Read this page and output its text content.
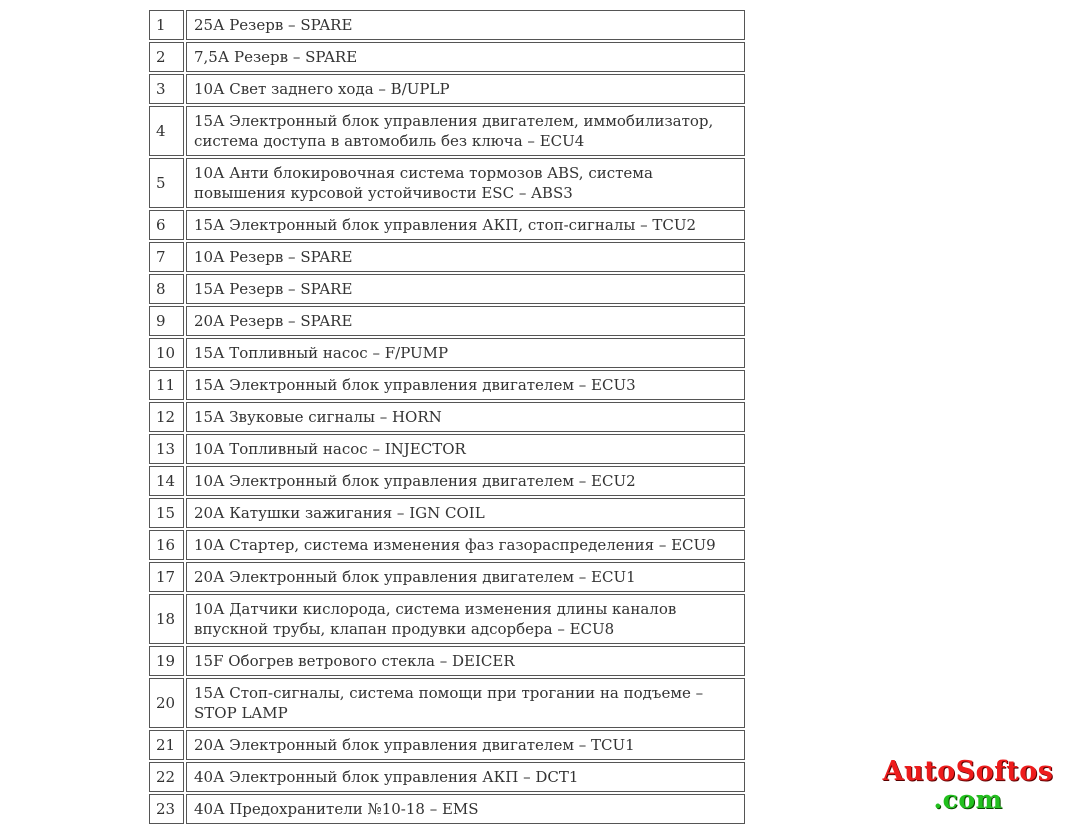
1	25А Резерв – SPARE
2	7,5А Резерв – SPARE
3	10А Свет заднего хода – B/UPLP
4	15А Электронный блок управления двигателем, иммобилизатор, система доступа в автомобиль без ключа – ECU4
5	10А Анти блокировочная система тормозов ABS, система повышения курсовой устойчивости ESC – ABS3
6	15А Электронный блок управления АКП, стоп-сигналы – TCU2
7	10А Резерв – SPARE
8	15А Резерв – SPARE
9	20А Резерв – SPARE
10	15А Топливный насос – F/PUMP
11	15А Электронный блок управления двигателем – ECU3
12	15А Звуковые сигналы – HORN
13	10А Топливный насос – INJECTOR
14	10А Электронный блок управления двигателем – ECU2
15	20А Катушки зажигания – IGN COIL
16	10А Стартер, система изменения фаз газораспределения – ECU9
17	20А Электронный блок управления двигателем – ECU1
18	10А Датчики кислорода, система изменения длины каналов впускной трубы, клапан продувки адсорбера – ECU8
19	15F Обогрев ветрового стекла – DEICER
20	15А Стоп-сигналы, система помощи при трогании на подъеме – STOP LAMP
21	20А Электронный блок управления двигателем – TCU1
22	40А Электронный блок управления АКП – DCT1
23	40А Предохранители №10-18 – EMS

AutoSoftos
.com
